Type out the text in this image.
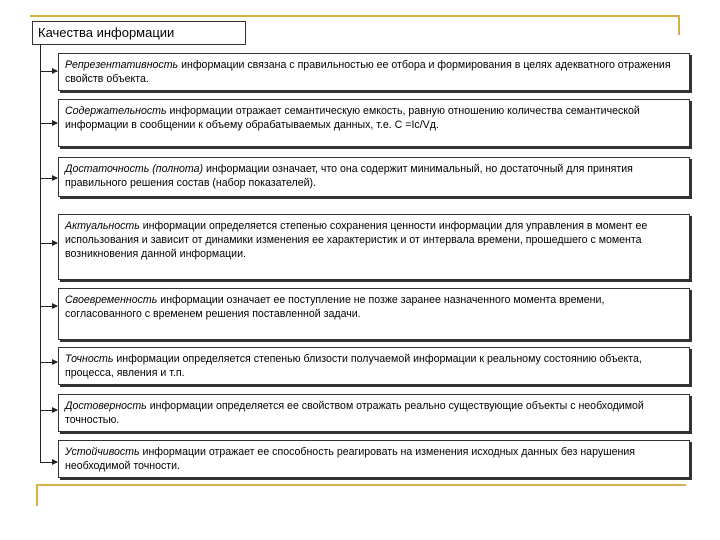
Качества информации
Репрезентативность информации связана с правильностью ее отбора и формирования в целях адекватного отражения свойств объекта.
Содержательность информации отражает семантическую емкость, равную отношению количества семантической информации в сообщении к объему обрабатываемых данных, т.е. С =Ic/Vд.
Достаточность (полнота) информации означает, что она содержит минимальный, но достаточный для принятия правильного решения состав (набор показателей).
Актуальность информации определяется степенью сохранения ценности информации для управления в момент ее использования и зависит от динамики изменения ее характеристик и от интервала времени, прошедшего с момента возникновения данной информации.
Своевременность информации означает ее поступление не позже заранее назначенного момента времени, согласованного с временем решения поставленной задачи.
Точность информации определяется степенью близости получаемой информации к реальному состоянию объекта, процесса, явления и т.п.
Достоверность информации определяется ее свойством отражать реально существующие объекты с необходимой точностью.
Устойчивость информации отражает ее способность реагировать на изменения исходных данных без нарушения необходимой точности.
